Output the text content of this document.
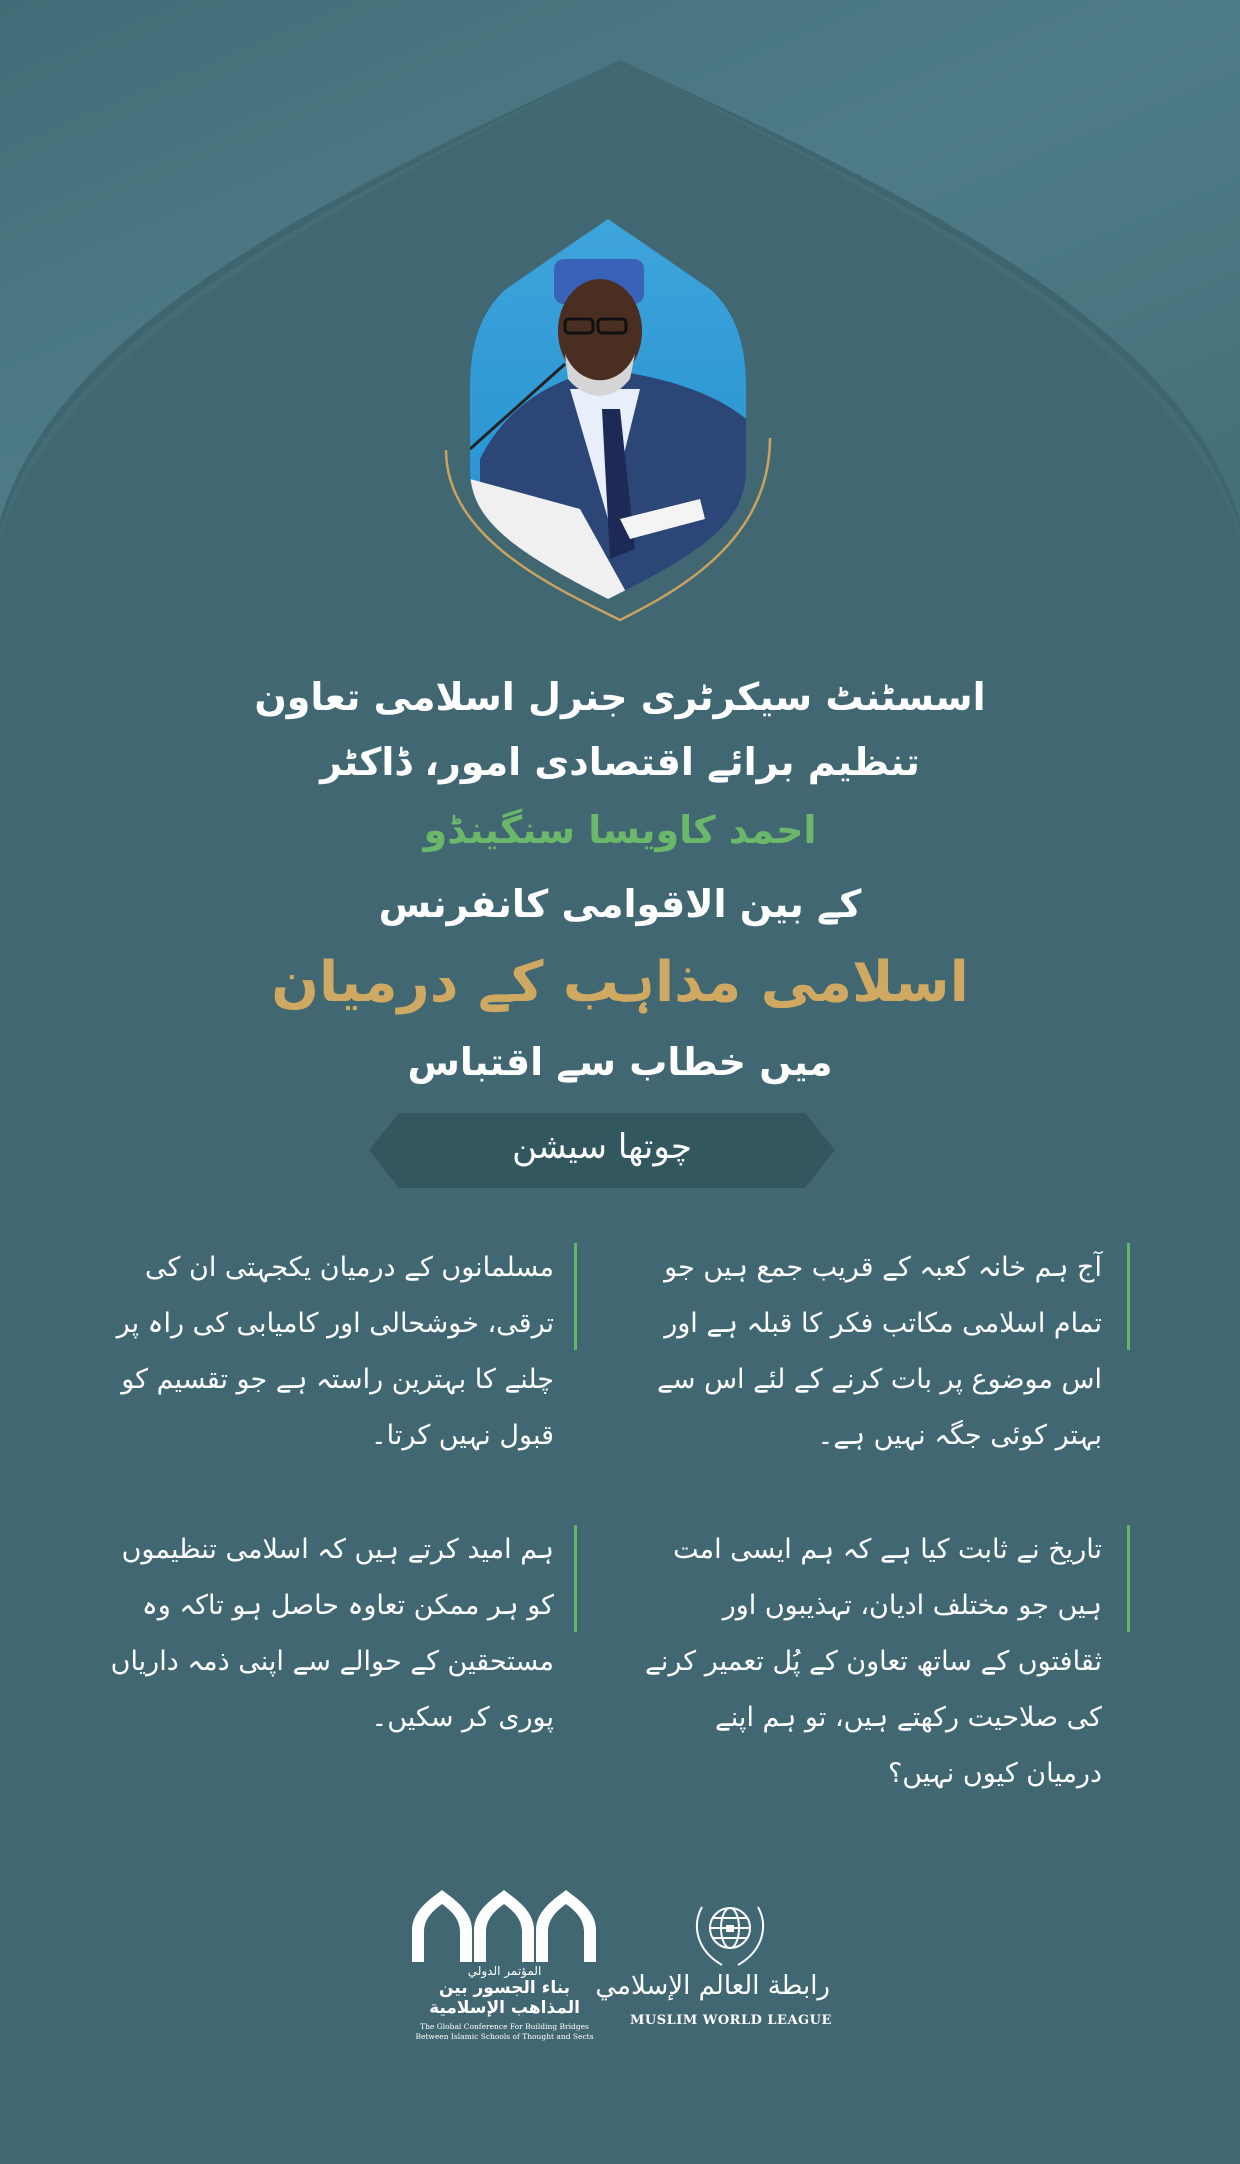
اسسٹنٹ سیکرٹری جنرل اسلامی تعاون
تنظیم برائے اقتصادی امور، ڈاکٹر
احمد کاویسا سنگینڈو
کے بین الاقوامی کانفرنس
اسلامی مذاہب کے درمیان
میں خطاب سے اقتباس
چوتھا سیشن
آج ہم خانہ کعبہ کے قریب جمع ہیں جو تمام اسلامی مکاتب فکر کا قبلہ ہے اور اس موضوع پر بات کرنے کے لئے اس سے بہتر کوئی جگہ نہیں ہے۔
مسلمانوں کے درمیان یکجہتی ان کی ترقی، خوشحالی اور کامیابی کی راہ پر چلنے کا بہترین راستہ ہے جو تقسیم کو قبول نہیں کرتا۔
تاریخ نے ثابت کیا ہے کہ ہم ایسی امت ہیں جو مختلف ادیان، تہذیبوں اور ثقافتوں کے ساتھ تعاون کے پُل تعمیر کرنے کی صلاحیت رکھتے ہیں، تو ہم اپنے درمیان کیوں نہیں؟
ہم امید کرتے ہیں کہ اسلامی تنظیموں کو ہر ممکن تعاوہ حاصل ہو تاکہ وہ مستحقین کے حوالے سے اپنی ذمہ داریاں پوری کر سکیں۔
المؤتمر الدولي
بناء الجسور بين
المذاهب الإسلامية
The Global Conference For Building Bridges
Between Islamic Schools of Thought and Sects
رابطة العالم الإسلامي
MUSLIM WORLD LEAGUE
